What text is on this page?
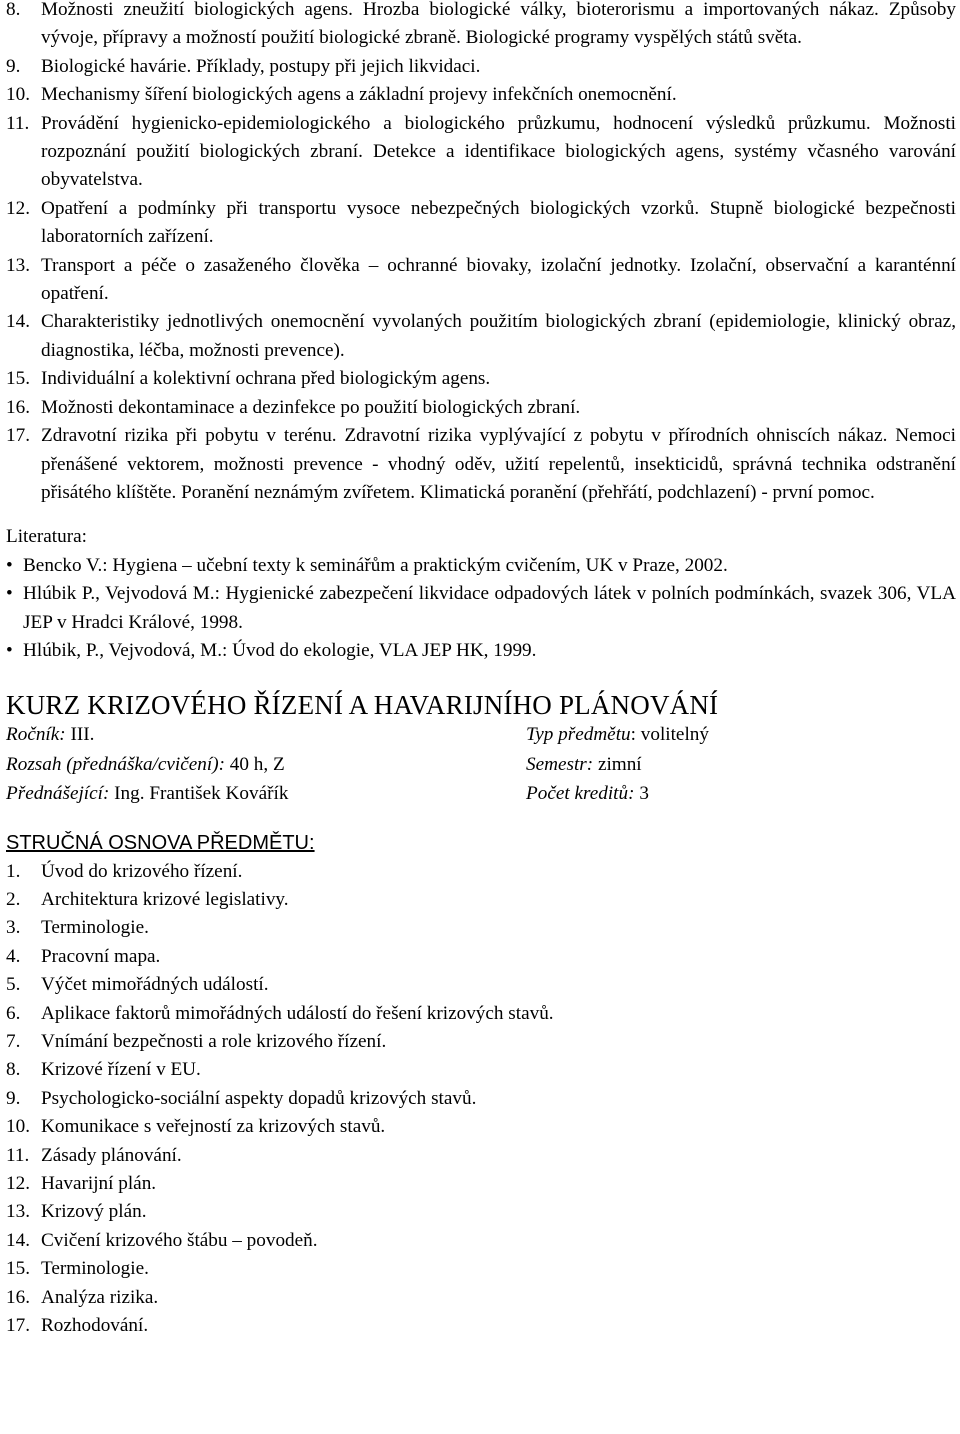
8. Možnosti zneužití biologických agens. Hrozba biologické války, bioterorismu a importovaných nákaz. Způsoby vývoje, přípravy a možností použití biologické zbraně. Biologické programy vyspělých států světa.
9. Biologické havárie. Příklady, postupy při jejich likvidaci.
10. Mechanismy šíření biologických agens a základní projevy infekčních onemocnění.
11. Provádění hygienicko-epidemiologického a biologického průzkumu, hodnocení výsledků průzkumu. Možnosti rozpoznání použití biologických zbraní. Detekce a identifikace biologických agens, systémy včasného varování obyvatelstva.
12. Opatření a podmínky při transportu vysoce nebezpečných biologických vzorků. Stupně biologické bezpečnosti laboratorních zařízení.
13. Transport a péče o zasaženého člověka – ochranné biovaky, izolační jednotky. Izolační, observační a karanténní opatření.
14. Charakteristiky jednotlivých onemocnění vyvolaných použitím biologických zbraní (epidemiologie, klinický obraz, diagnostika, léčba, možnosti prevence).
15. Individuální a kolektivní ochrana před biologickým agens.
16. Možnosti dekontaminace a dezinfekce po použití biologických zbraní.
17. Zdravotní rizika při pobytu v terénu. Zdravotní rizika vyplývající z pobytu v přírodních ohniscích nákaz. Nemoci přenášené vektorem, možnosti prevence - vhodný oděv, užití repelentů, insekticidů, správná technika odstranění přisátého klíštěte. Poranění neznámým zvířetem. Klimatická poranění (přehřátí, podchlazení) - první pomoc.
Literatura:
• Bencko V.: Hygiena – učební texty k seminářům a praktickým cvičením, UK v Praze, 2002.
• Hlúbik P., Vejvodová M.: Hygienické zabezpečení likvidace odpadových látek v polních podmínkách, svazek 306, VLA JEP v Hradci Králové, 1998.
• Hlúbik, P., Vejvodová, M.: Úvod do ekologie, VLA JEP HK, 1999.
KURZ KRIZOVÉHO ŘÍZENÍ A HAVARIJNÍHO PLÁNOVÁNÍ
Ročník: III.	Typ předmětu: volitelný
Rozsah (přednáška/cvičení): 40 h, Z	Semestr: zimní
Přednášející: Ing. František Kovářík	Počet kreditů: 3
STRUČNÁ OSNOVA PŘEDMĚTU:
1. Úvod do krizového řízení.
2. Architektura krizové legislativy.
3. Terminologie.
4. Pracovní mapa.
5. Výčet mimořádných událostí.
6. Aplikace faktorů mimořádných událostí do řešení krizových stavů.
7. Vnímání bezpečnosti a role krizového řízení.
8. Krizové řízení v EU.
9. Psychologicko-sociální aspekty dopadů krizových stavů.
10. Komunikace s veřejností za krizových stavů.
11. Zásady plánování.
12. Havarijní plán.
13. Krizový plán.
14. Cvičení krizového štábu – povodeň.
15. Terminologie.
16. Analýza rizika.
17. Rozhodování.
